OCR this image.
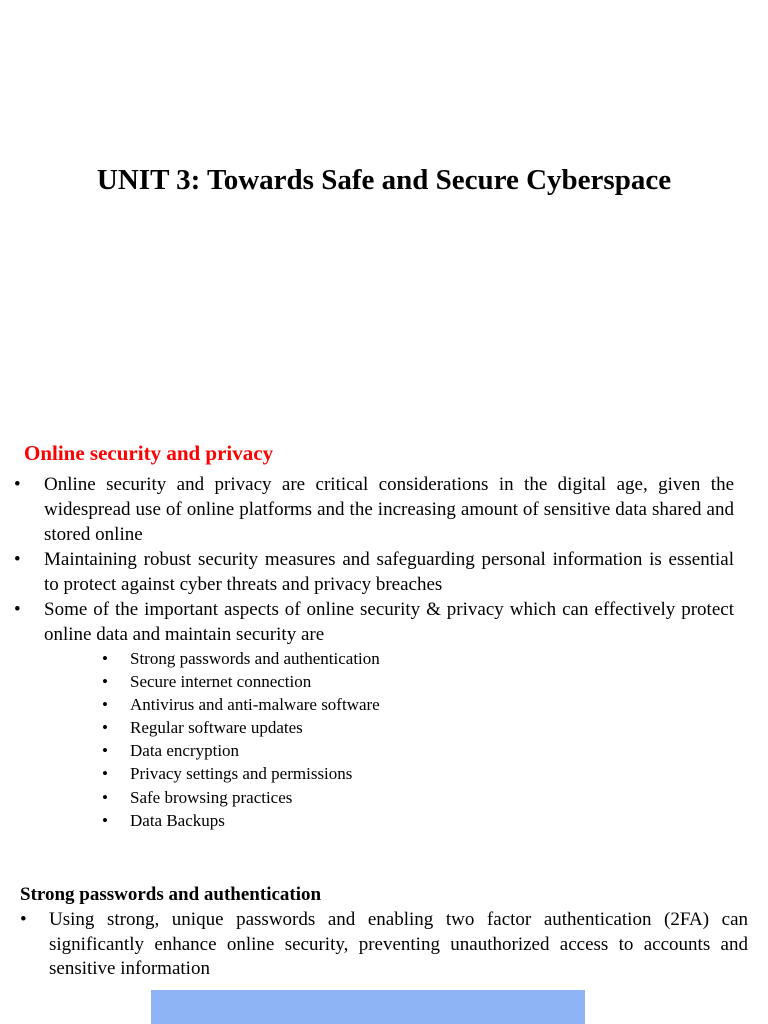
UNIT 3: Towards Safe and Secure Cyberspace
Online security and privacy
• Online security and privacy are critical considerations in the digital age, given the widespread use of online platforms and the increasing amount of sensitive data shared and stored online
• Maintaining robust security measures and safeguarding personal information is essential to protect against cyber threats and privacy breaches
• Some of the important aspects of online security & privacy which can effectively protect online data and maintain security are
• Strong passwords and authentication
• Secure internet connection
• Antivirus and anti-malware software
• Regular software updates
• Data encryption
• Privacy settings and permissions
• Safe browsing practices
• Data Backups
Strong passwords and authentication
• Using strong, unique passwords and enabling two factor authentication (2FA) can significantly enhance online security, preventing unauthorized access to accounts and sensitive information
